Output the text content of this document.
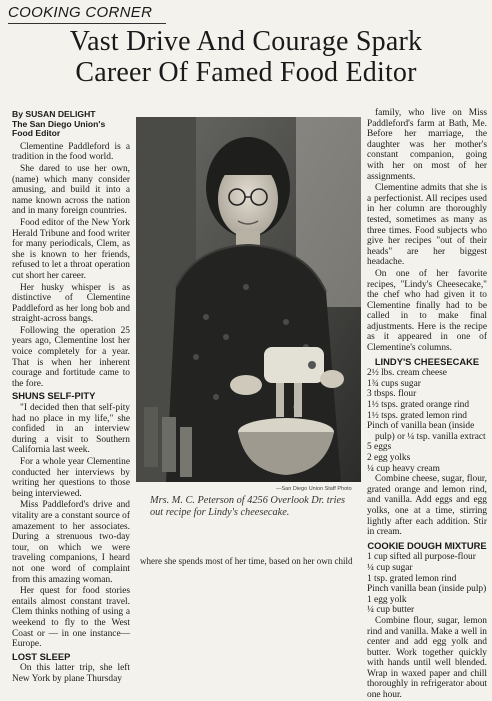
COOKING CORNER
Vast Drive And Courage Spark
Career Of Famed Food Editor
By SUSAN DELIGHT
The San Diego Union's
Food Editor

Clementine Paddleford is a tradition in the food world.

She dared to use her own, (name) which many consider amusing, and build it into a name known across the nation and in many foreign countries.

Food editor of the New York Herald Tribune and food writer for many periodicals, Clem, as she is known to her friends, refused to let a throat operation cut short her career.

Her husky whisper is as distinctive of Clementine Paddleford as her long bob and straight-across bangs.

Following the operation 25 years ago, Clementine lost her voice completely for a year. That is when her inherent courage and fortitude came to the fore.

SHUNS SELF-PITY

"I decided then that self-pity had no place in my life," she confided in an interview during a visit to Southern California last week.

For a whole year Clementine conducted her interviews by writing her questions to those being interviewed.

Miss Paddleford's drive and vitality are a constant source of amazement to her associates. During a strenuous two-day tour, on which we were traveling companions, I heard not one word of complaint from this amazing woman.

Her quest for food stories entails almost constant travel. Clem thinks nothing of using a weekend to fly to the West Coast or — in one instance—Europe.

LOST SLEEP

On this latter trip, she left New York by plane Thursday

—San Diego Union Staff Photo
Mrs. M. C. Peterson of 4256 Overlook Dr. tries out recipe for Lindy's cheesecake.

family, who live on Miss Paddleford's farm at Bath, Me. Before her marriage, the daughter was her mother's constant companion, going with her on most of her assignments.

Clementine admits that she is a perfectionist. All recipes used in her column are thoroughly tested, sometimes as many as three times. Food subjects who give her recipes "out of their heads" are her biggest headache.

On one of her favorite recipes, "Lindy's Cheesecake," the chef who had given it to Clementine finally had to be called in to make final adjustments. Here is the recipe as it appeared in one of Clementine's columns.

LINDY'S CHEESECAKE

2½ lbs. cream cheese

1¾ cups sugar

3 tbsps. flour

1½ tsps. grated orange rind

1½ tsps. grated lemon rind

Pinch of vanilla bean (inside pulp) or ¼ tsp. vanilla extract

5 eggs

2 egg yolks

¼ cup heavy cream

Combine cheese, sugar, flour, grated orange and lemon rind, and vanilla. Add eggs and egg yolks, one at a time, stirring lightly after each addition. Stir in cream.

COOKIE DOUGH MIXTURE

1 cup sifted all purpose-flour

¼ cup sugar

1 tsp. grated lemon rind

Pinch vanilla bean (inside pulp)

1 egg yolk

¼ cup butter

Combine flour, sugar, lemon rind and vanilla. Make a well in center and add egg yolk and butter. Work together quickly with hands until well blended. Wrap in waxed paper and chill thoroughly in refrigerator about one hour.

where she spends most of her time, based on her own child
